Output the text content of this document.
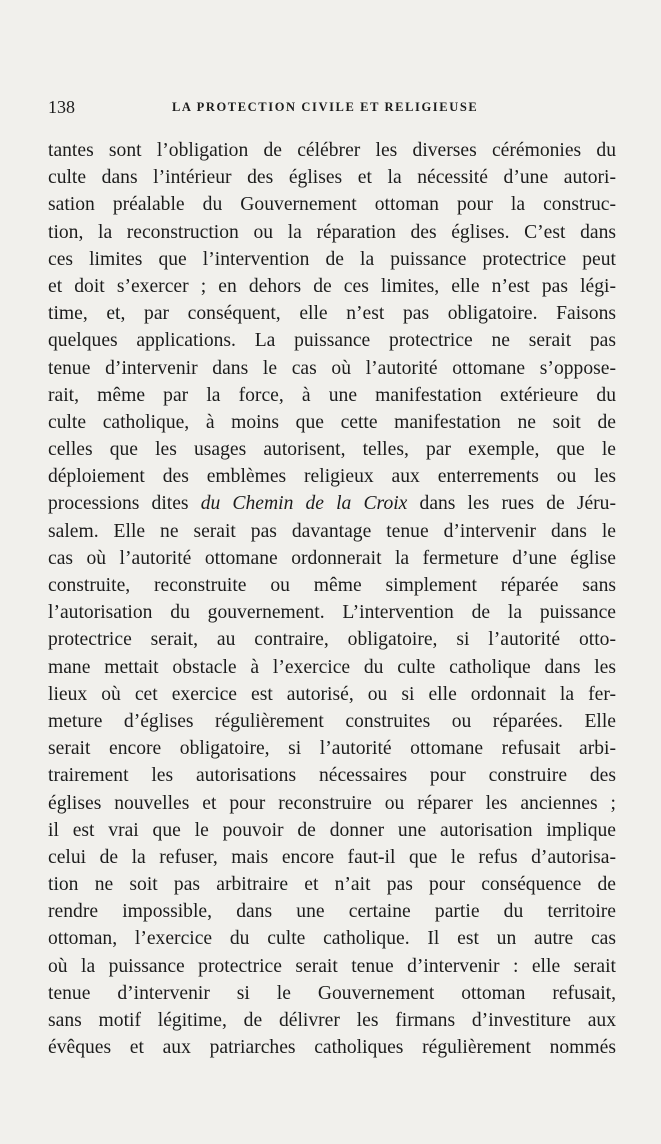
138	LA PROTECTION CIVILE ET RELIGIEUSE
tantes sont l’obligation de célébrer les diverses cérémonies du
culte dans l’intérieur des églises et la nécessité d’une autori-
sation préalable du Gouvernement ottoman pour la construc-
tion, la reconstruction ou la réparation des églises. C’est dans
ces limites que l’intervention de la puissance protectrice peut
et doit s’exercer ; en dehors de ces limites, elle n’est pas légi-
time, et, par conséquent, elle n’est pas obligatoire. Faisons
quelques applications. La puissance protectrice ne serait pas
tenue d’intervenir dans le cas où l’autorité ottomane s’oppose-
rait, même par la force, à une manifestation extérieure du
culte catholique, à moins que cette manifestation ne soit de
celles que les usages autorisent, telles, par exemple, que le
déploiement des emblèmes religieux aux enterrements ou les
processions dites du Chemin de la Croix dans les rues de Jéru-
salem. Elle ne serait pas davantage tenue d’intervenir dans le
cas où l’autorité ottomane ordonnerait la fermeture d’une église
construite, reconstruite ou même simplement réparée sans
l’autorisation du gouvernement. L’intervention de la puissance
protectrice serait, au contraire, obligatoire, si l’autorité otto-
mane mettait obstacle à l’exercice du culte catholique dans les
lieux où cet exercice est autorisé, ou si elle ordonnait la fer-
meture d’églises régulièrement construites ou réparées. Elle
serait encore obligatoire, si l’autorité ottomane refusait arbi-
trairement les autorisations nécessaires pour construire des
églises nouvelles et pour reconstruire ou réparer les anciennes ;
il est vrai que le pouvoir de donner une autorisation implique
celui de la refuser, mais encore faut-il que le refus d’autorisa-
tion ne soit pas arbitraire et n’ait pas pour conséquence de
rendre impossible, dans une certaine partie du territoire
ottoman, l’exercice du culte catholique. Il est un autre cas
où la puissance protectrice serait tenue d’intervenir : elle serait
tenue d’intervenir si le Gouvernement ottoman refusait,
sans motif légitime, de délivrer les firmans d’investiture aux
évêques et aux patriarches catholiques régulièrement nommés
